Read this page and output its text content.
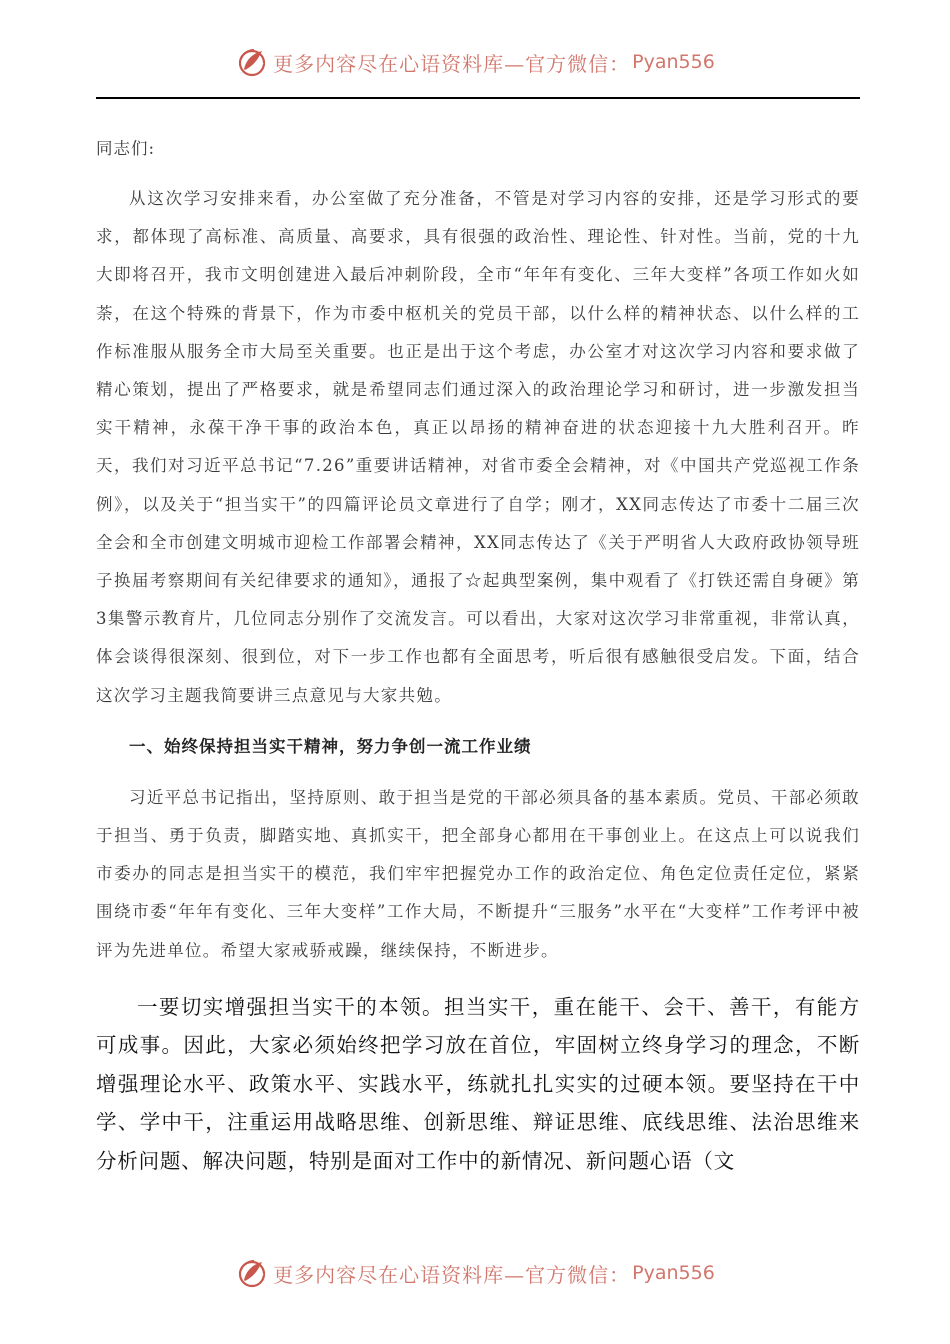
更多内容尽在心语资料库—官方微信： Pyan556

同志们:

从这次学习安排来看，办公室做了充分准备，不管是对学习内容的安排，还是学习形式的要求，都体现了高标准、高质量、高要求，具有很强的政治性、理论性、针对性。当前，党的十九大即将召开，我市文明创建进入最后冲刺阶段，全市“年年有变化、三年大变样”各项工作如火如荼，在这个特殊的背景下，作为市委中枢机关的党员干部，以什么样的精神状态、以什么样的工作标准服从服务全市大局至关重要。也正是出于这个考虑，办公室才对这次学习内容和要求做了精心策划，提出了严格要求，就是希望同志们通过深入的政治理论学习和研讨，进一步激发担当实干精神，永葆干净干事的政治本色，真正以昂扬的精神奋进的状态迎接十九大胜利召开。昨天，我们对习近平总书记“7.26”重要讲话精神，对省市委全会精神，对《中国共产党巡视工作条例》，以及关于“担当实干”的四篇评论员文章进行了自学；刚才，XX同志传达了市委十二届三次全会和全市创建文明城市迎检工作部署会精神，XX同志传达了《关于严明省人大政府政协领导班子换届考察期间有关纪律要求的通知》，通报了☆起典型案例，集中观看了《打铁还需自身硬》第3集警示教育片，几位同志分别作了交流发言。可以看出，大家对这次学习非常重视，非常认真，体会谈得很深刻、很到位，对下一步工作也都有全面思考，听后很有感触很受启发。下面，结合这次学习主题我简要讲三点意见与大家共勉。

一、始终保持担当实干精神，努力争创一流工作业绩

习近平总书记指出，坚持原则、敢于担当是党的干部必须具备的基本素质。党员、干部必须敢于担当、勇于负责，脚踏实地、真抓实干，把全部身心都用在干事创业上。在这点上可以说我们市委办的同志是担当实干的模范，我们牢牢把握党办工作的政治定位、角色定位责任定位，紧紧围绕市委“年年有变化、三年大变样”工作大局，不断提升“三服务”水平在“大变样”工作考评中被评为先进单位。希望大家戒骄戒躁，继续保持，不断进步。

一要切实增强担当实干的本领。担当实干，重在能干、会干、善干，有能方可成事。因此，大家必须始终把学习放在首位，牢固树立终身学习的理念，不断增强理论水平、政策水平、实践水平，练就扎扎实实的过硬本领。要坚持在干中学、学中干，注重运用战略思维、创新思维、辩证思维、底线思维、法治思维来分析问题、解决问题，特别是面对工作中的新情况、新问题心语（文

更多内容尽在心语资料库—官方微信： Pyan556
